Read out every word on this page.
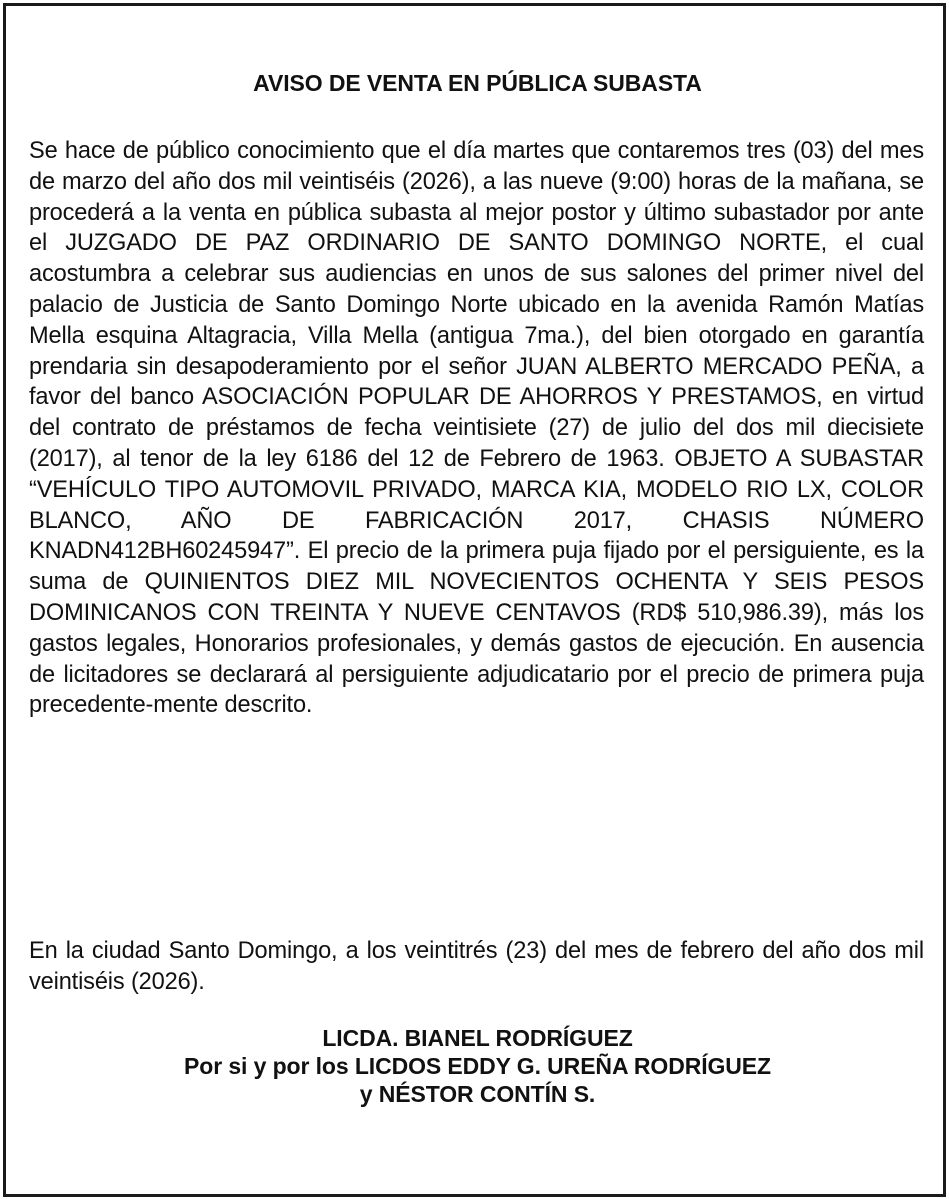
AVISO DE VENTA EN PÚBLICA SUBASTA

Se hace de público conocimiento que el día martes que contaremos tres (03) del mes de marzo del año dos mil veintiséis (2026), a las nueve (9:00) horas de la mañana, se procederá a la venta en pública subasta al mejor postor y último subastador por ante el JUZGADO DE PAZ ORDINARIO DE SANTO DOMINGO NORTE, el cual acostumbra a celebrar sus audiencias en unos de sus salones del primer nivel del palacio de Justicia de Santo Domingo Norte ubicado en la avenida Ramón Matías Mella esquina Altagracia, Villa Mella (antigua 7ma.), del bien otorgado en garantía prendaria sin desapoderamiento por el señor JUAN ALBERTO MERCADO PEÑA, a favor del banco ASOCIACIÓN POPULAR DE AHORROS Y PRESTAMOS, en virtud del contrato de préstamos de fecha veintisiete (27) de julio del dos mil diecisiete (2017), al tenor de la ley 6186 del 12 de Febrero de 1963. OBJETO A SUBASTAR “VEHÍCULO TIPO AUTOMOVIL PRIVADO, MARCA KIA, MODELO RIO LX, COLOR BLANCO, AÑO DE FABRICACIÓN 2017, CHASIS NÚMERO KNADN412BH60245947”. El precio de la primera puja fijado por el persiguiente, es la suma de QUINIENTOS DIEZ MIL NOVECIENTOS OCHENTA Y SEIS PESOS DOMINICANOS CON TREINTA Y NUEVE CENTAVOS (RD$ 510,986.39), más los gastos legales, Honorarios profesionales, y demás gastos de ejecución. En ausencia de licitadores se declarará al persiguiente adjudicatario por el precio de primera puja precedente-mente descrito.

En la ciudad Santo Domingo, a los veintitrés (23) del mes de febrero del año dos mil veintiséis (2026).

LICDA. BIANEL RODRÍGUEZ
Por si y por los LICDOS EDDY G. UREÑA RODRÍGUEZ
y NÉSTOR CONTÍN S.
